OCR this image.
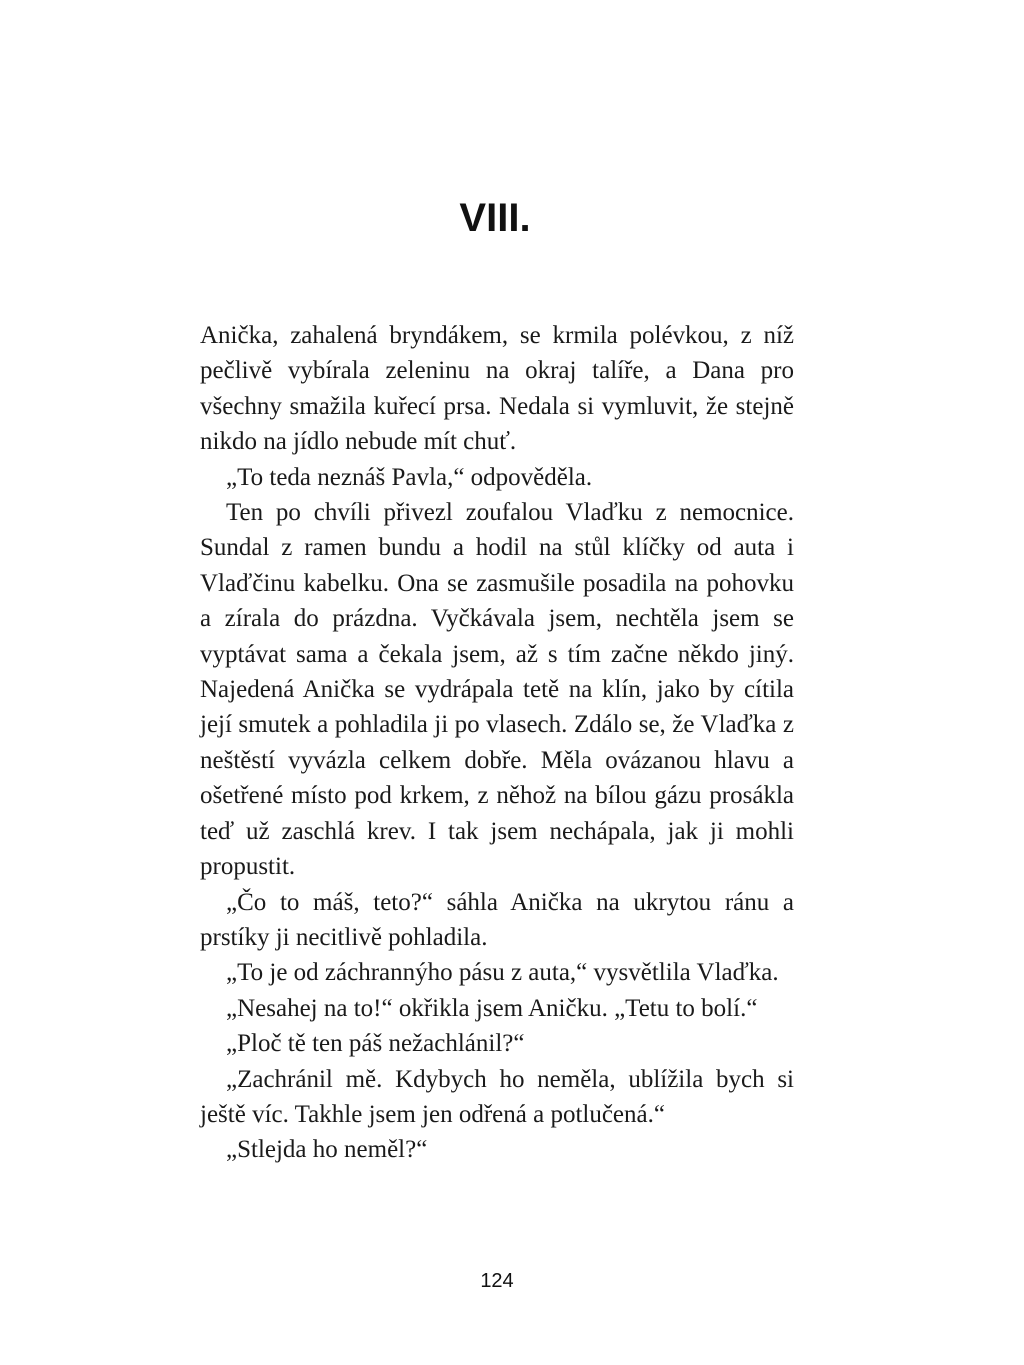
VIII.

Anička, zahalená bryndákem, se krmila polévkou, z níž pečlivě vybírala zeleninu na okraj talíře, a Dana pro všechny smažila kuřecí prsa. Nedala si vymluvit, že stejně nikdo na jídlo nebude mít chuť.

„To teda neznáš Pavla,“ odpověděla.

Ten po chvíli přivezl zoufalou Vlaďku z nemocnice. Sundal z ramen bundu a hodil na stůl klíčky od auta i Vlaďčinu kabelku. Ona se zasmušile posadila na pohovku a zírala do prázdna. Vyčkávala jsem, nechtěla jsem se vyptávat sama a čekala jsem, až s tím začne někdo jiný. Najedená Anička se vydrápala tetě na klín, jako by cítila její smutek a pohladila ji po vlasech. Zdálo se, že Vlaďka z neštěstí vyvázla celkem dobře. Měla ovázanou hlavu a ošetřené místo pod krkem, z něhož na bílou gázu prosákla teď už zaschlá krev. I tak jsem nechápala, jak ji mohli propustit.

„Čo to máš, teto?“ sáhla Anička na ukrytou ránu a prstíky ji necitlivě pohladila.

„To je od záchrannýho pásu z auta,“ vysvětlila Vlaďka.

„Nesahej na to!“ okřikla jsem Aničku. „Tetu to bolí.“

„Ploč tě ten páš nežachlánil?“

„Zachránil mě. Kdybych ho neměla, ublížila bych si ještě víc. Takhle jsem jen odřená a potlučená.“

„Stlejda ho neměl?“

124
